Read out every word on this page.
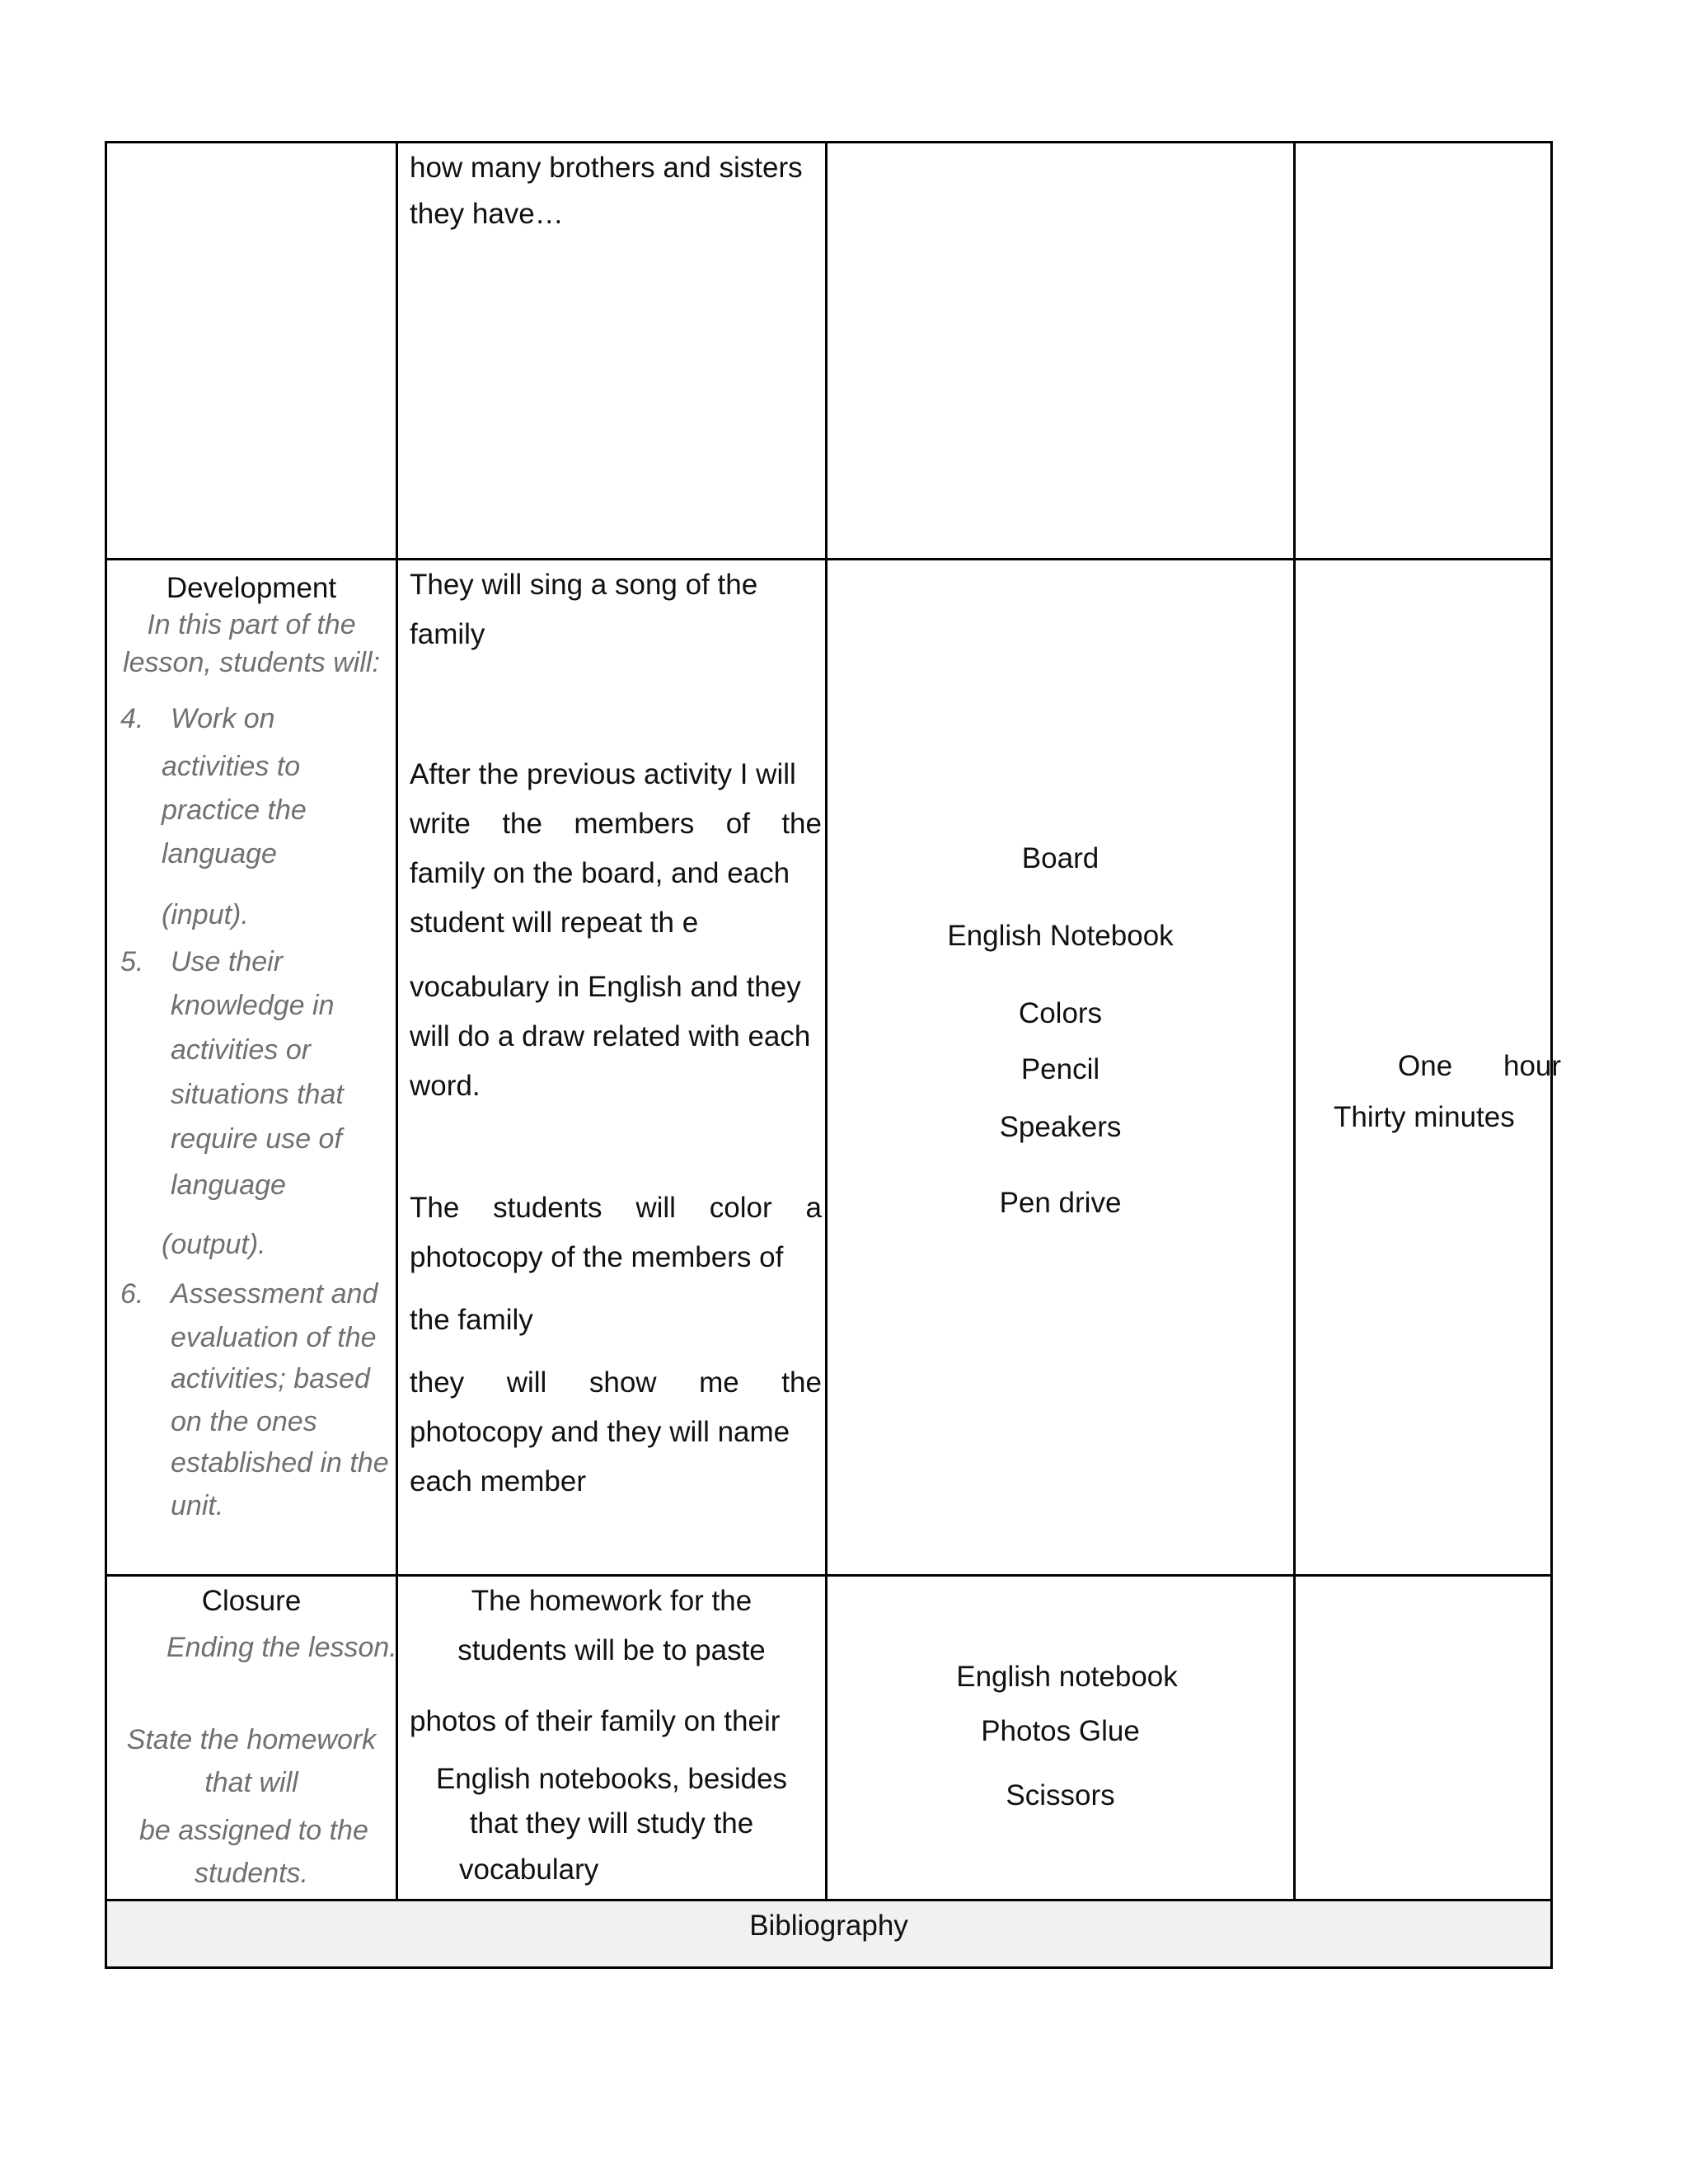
how many brothers and sisters
they have…
Development
In this part of the
lesson, students will:
4. Work on
activities to
practice the
language
(input).
5. Use their
knowledge in
activities or
situations that
require use of
language
(output).
6. Assessment and
evaluation of the
activities; based
on the ones
established in the
unit.
They will sing a song of the
family
After the previous activity I will
write the members of the
family on the board, and each
student will repeat th e
vocabulary in English and they
will do a draw related with each
word.
The students will color a
photocopy of the members of
the family
they will show me the
photocopy and they will name
each member
Board
English Notebook
Colors
Pencil
Speakers
Pen drive
One hour
Thirty minutes
Closure
Ending the lesson.
State the homework
that will
be assigned to the
students.
The homework for the
students will be to paste
photos of their family on their
English notebooks, besides
that they will study the
vocabulary
English notebook
Photos Glue
Scissors
Bibliography
